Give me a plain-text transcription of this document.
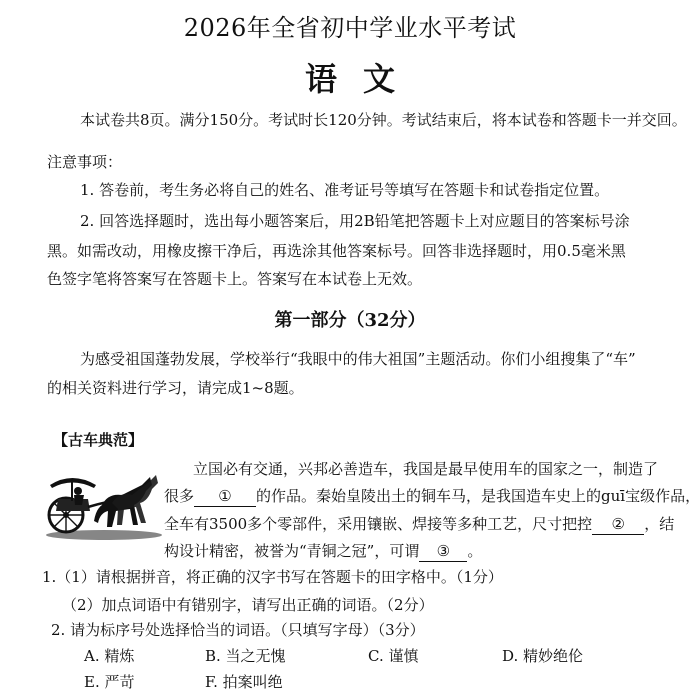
2026年全省初中学业水平考试
语文
本试卷共8页。满分150分。考试时长120分钟。考试结束后，将本试卷和答题卡一并交回。
注意事项：
1. 答卷前，考生务必将自己的姓名、准考证号等填写在答题卡和试卷指定位置。
2. 回答选择题时，选出每小题答案后，用2B铅笔把答题卡上对应题目的答案标号涂
黑。如需改动，用橡皮擦干净后，再选涂其他答案标号。回答非选择题时，用0.5毫米黑
色签字笔将答案写在答题卡上。答案写在本试卷上无效。
第一部分（32分）
为感受祖国蓬勃发展，学校举行“我眼中的伟大祖国”主题活动。你们小组搜集了“车”
的相关资料进行学习，请完成1~8题。
【古车典范】
立国必有交通，兴邦必善造车，我国是最早使用车的国家之一，制造了
很多 ① 的作品。秦始皇陵出土的铜车马，是我国造车史上的guī宝级作品，
全车有3500多个零部件，采用镶嵌、焊接等多种工艺，尺寸把控 ② ，结
构设计精密，被誉为“青铜之冠”，可谓 ③ 。
1.（1）请根据拼音，将正确的汉字书写在答题卡的田字格中。（1分）
（2）加点词语中有错别字，请写出正确的词语。（2分）
2. 请为标序号处选择恰当的词语。（只填写字母）（3分）
A. 精炼	B. 当之无愧	C. 谨慎	D. 精妙绝伦
E. 严苛	F. 拍案叫绝
